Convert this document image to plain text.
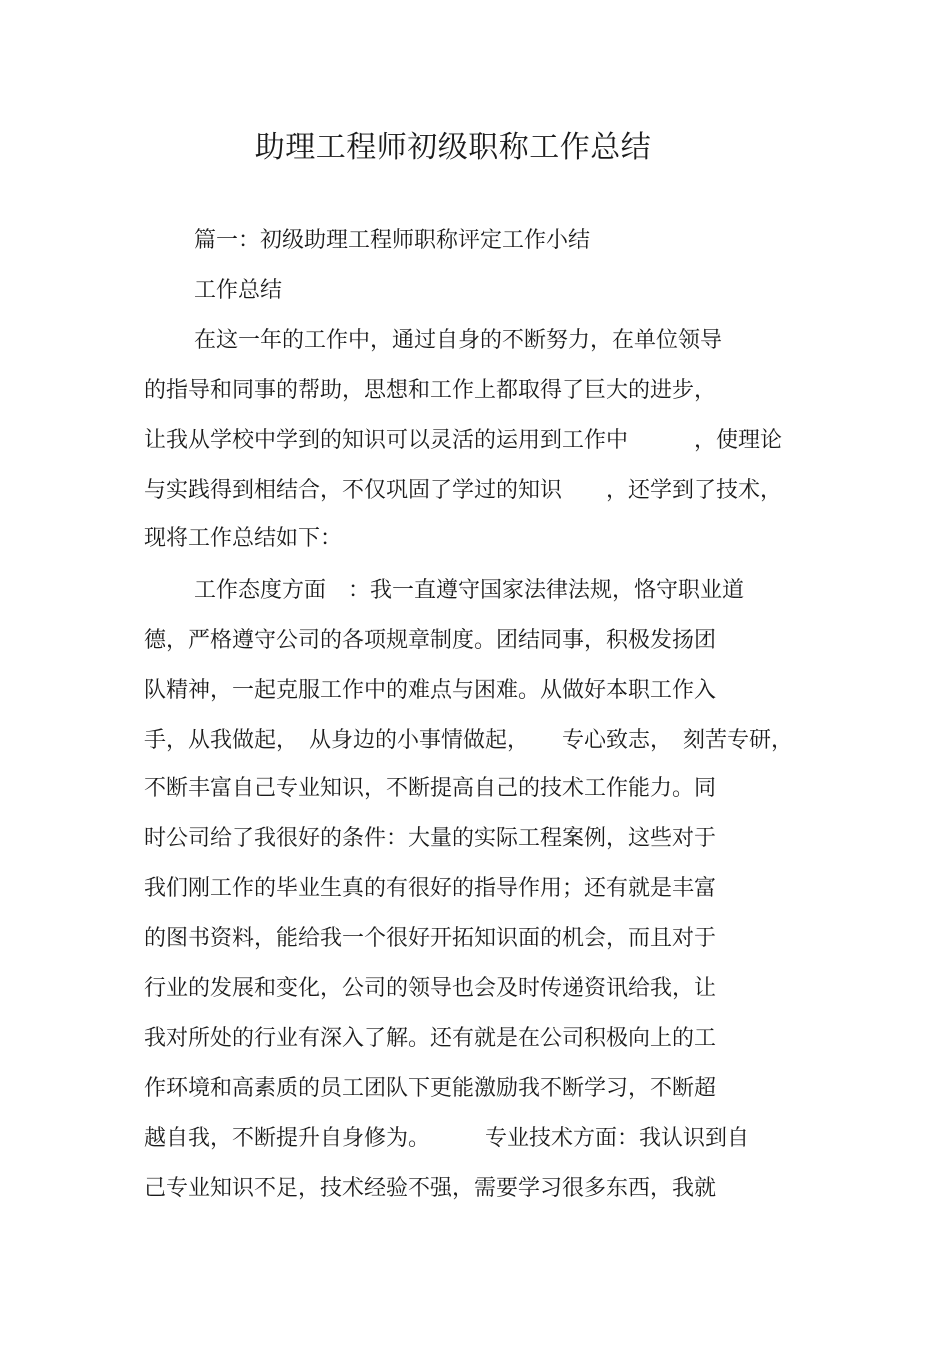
助理工程师初级职称工作总结
篇一：初级助理工程师职称评定工作小结
工作总结
在这一年的工作中，通过自身的不断努力，在单位领导
的指导和同事的帮助，思想和工作上都取得了巨大的进步，
让我从学校中学到的知识可以灵活的运用到工作中　　　，使理论
与实践得到相结合，不仅巩固了学过的知识　　，还学到了技术，
现将工作总结如下：
工作态度方面　：我一直遵守国家法律法规，恪守职业道
德，严格遵守公司的各项规章制度。团结同事，积极发扬团
队精神，一起克服工作中的难点与困难。从做好本职工作入
手，从我做起，　从身边的小事情做起，　　专心致志，　刻苦专研，
不断丰富自己专业知识，不断提高自己的技术工作能力。同
时公司给了我很好的条件：大量的实际工程案例，这些对于
我们刚工作的毕业生真的有很好的指导作用；还有就是丰富
的图书资料，能给我一个很好开拓知识面的机会，而且对于
行业的发展和变化，公司的领导也会及时传递资讯给我，让
我对所处的行业有深入了解。还有就是在公司积极向上的工
作环境和高素质的员工团队下更能激励我不断学习，不断超
越自我，不断提升自身修为。　　　专业技术方面：我认识到自
己专业知识不足，技术经验不强，需要学习很多东西，我就
